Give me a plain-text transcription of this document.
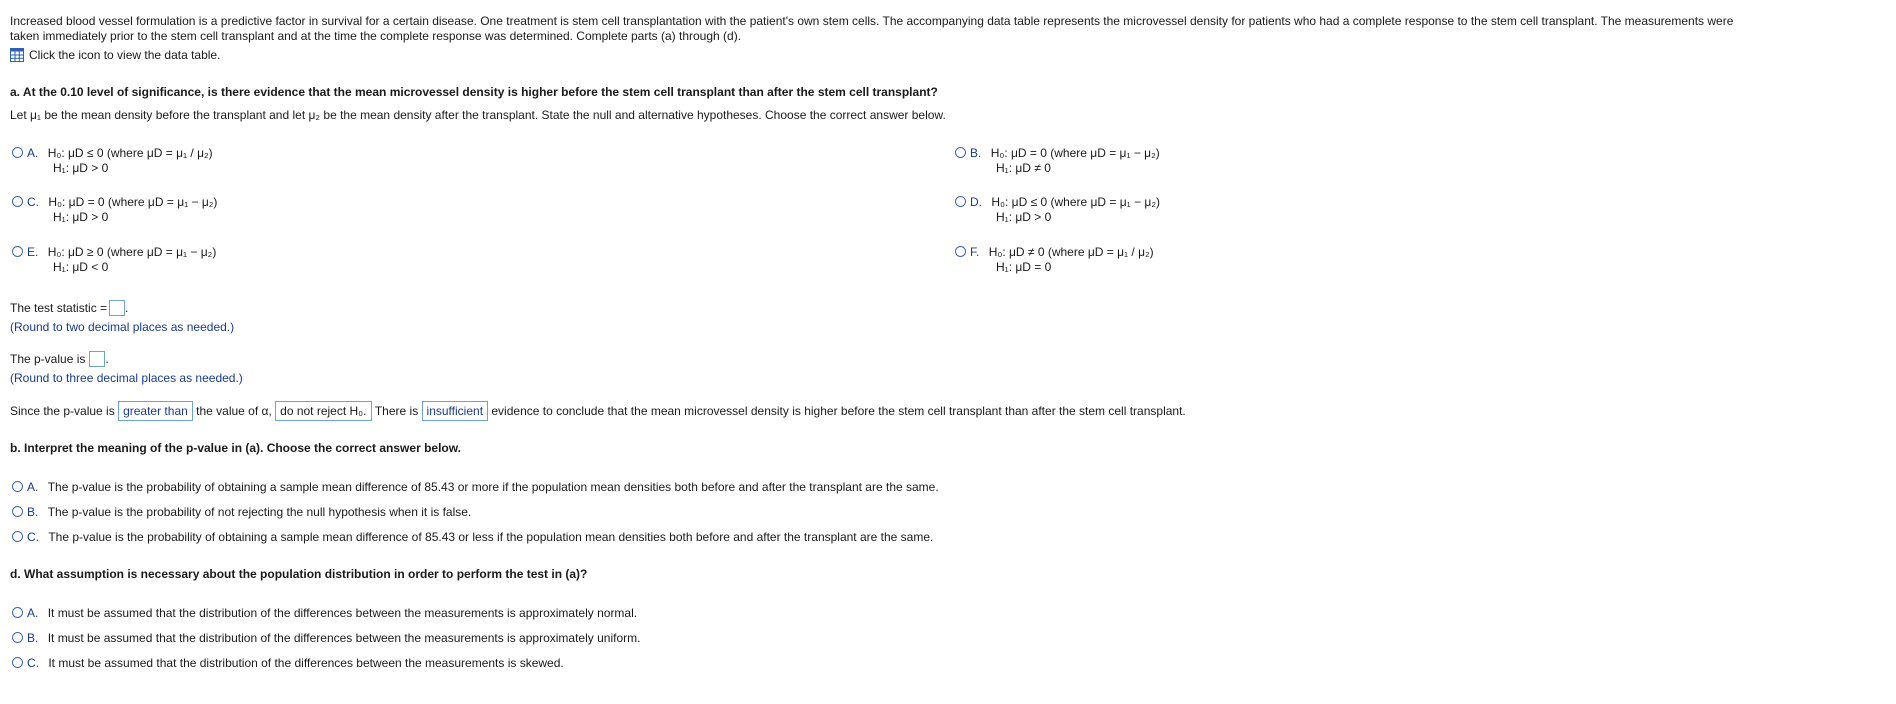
Increased blood vessel formulation is a predictive factor in survival for a certain disease. One treatment is stem cell transplantation with the patient's own stem cells. The accompanying data table represents the microvessel density for patients who had a complete response to the stem cell transplant. The measurements were
taken immediately prior to the stem cell transplant and at the time the complete response was determined. Complete parts (a) through (d).
Click the icon to view the data table.
a. At the 0.10 level of significance, is there evidence that the mean microvessel density is higher before the stem cell transplant than after the stem cell transplant?
Let μ₁ be the mean density before the transplant and let μ₂ be the mean density after the transplant. State the null and alternative hypotheses. Choose the correct answer below.
A. H₀: μD ≤ 0 (where μD = μ₁ / μ₂)
H₁: μD > 0
B. H₀: μD = 0 (where μD = μ₁ − μ₂)
H₁: μD ≠ 0
C. H₀: μD = 0 (where μD = μ₁ − μ₂)
H₁: μD > 0
D. H₀: μD ≤ 0 (where μD = μ₁ − μ₂)
H₁: μD > 0
E. H₀: μD ≥ 0 (where μD = μ₁ − μ₂)
H₁: μD < 0
F. H₀: μD ≠ 0 (where μD = μ₁ / μ₂)
H₁: μD = 0
The test statistic = .
(Round to two decimal places as needed.)
The p-value is .
(Round to three decimal places as needed.)
Since the p-value is greater than the value of α, do not reject H₀. There is insufficient evidence to conclude that the mean microvessel density is higher before the stem cell transplant than after the stem cell transplant.
b. Interpret the meaning of the p-value in (a). Choose the correct answer below.
A. The p-value is the probability of obtaining a sample mean difference of 85.43 or more if the population mean densities both before and after the transplant are the same.
B. The p-value is the probability of not rejecting the null hypothesis when it is false.
C. The p-value is the probability of obtaining a sample mean difference of 85.43 or less if the population mean densities both before and after the transplant are the same.
d. What assumption is necessary about the population distribution in order to perform the test in (a)?
A. It must be assumed that the distribution of the differences between the measurements is approximately normal.
B. It must be assumed that the distribution of the differences between the measurements is approximately uniform.
C. It must be assumed that the distribution of the differences between the measurements is skewed.
